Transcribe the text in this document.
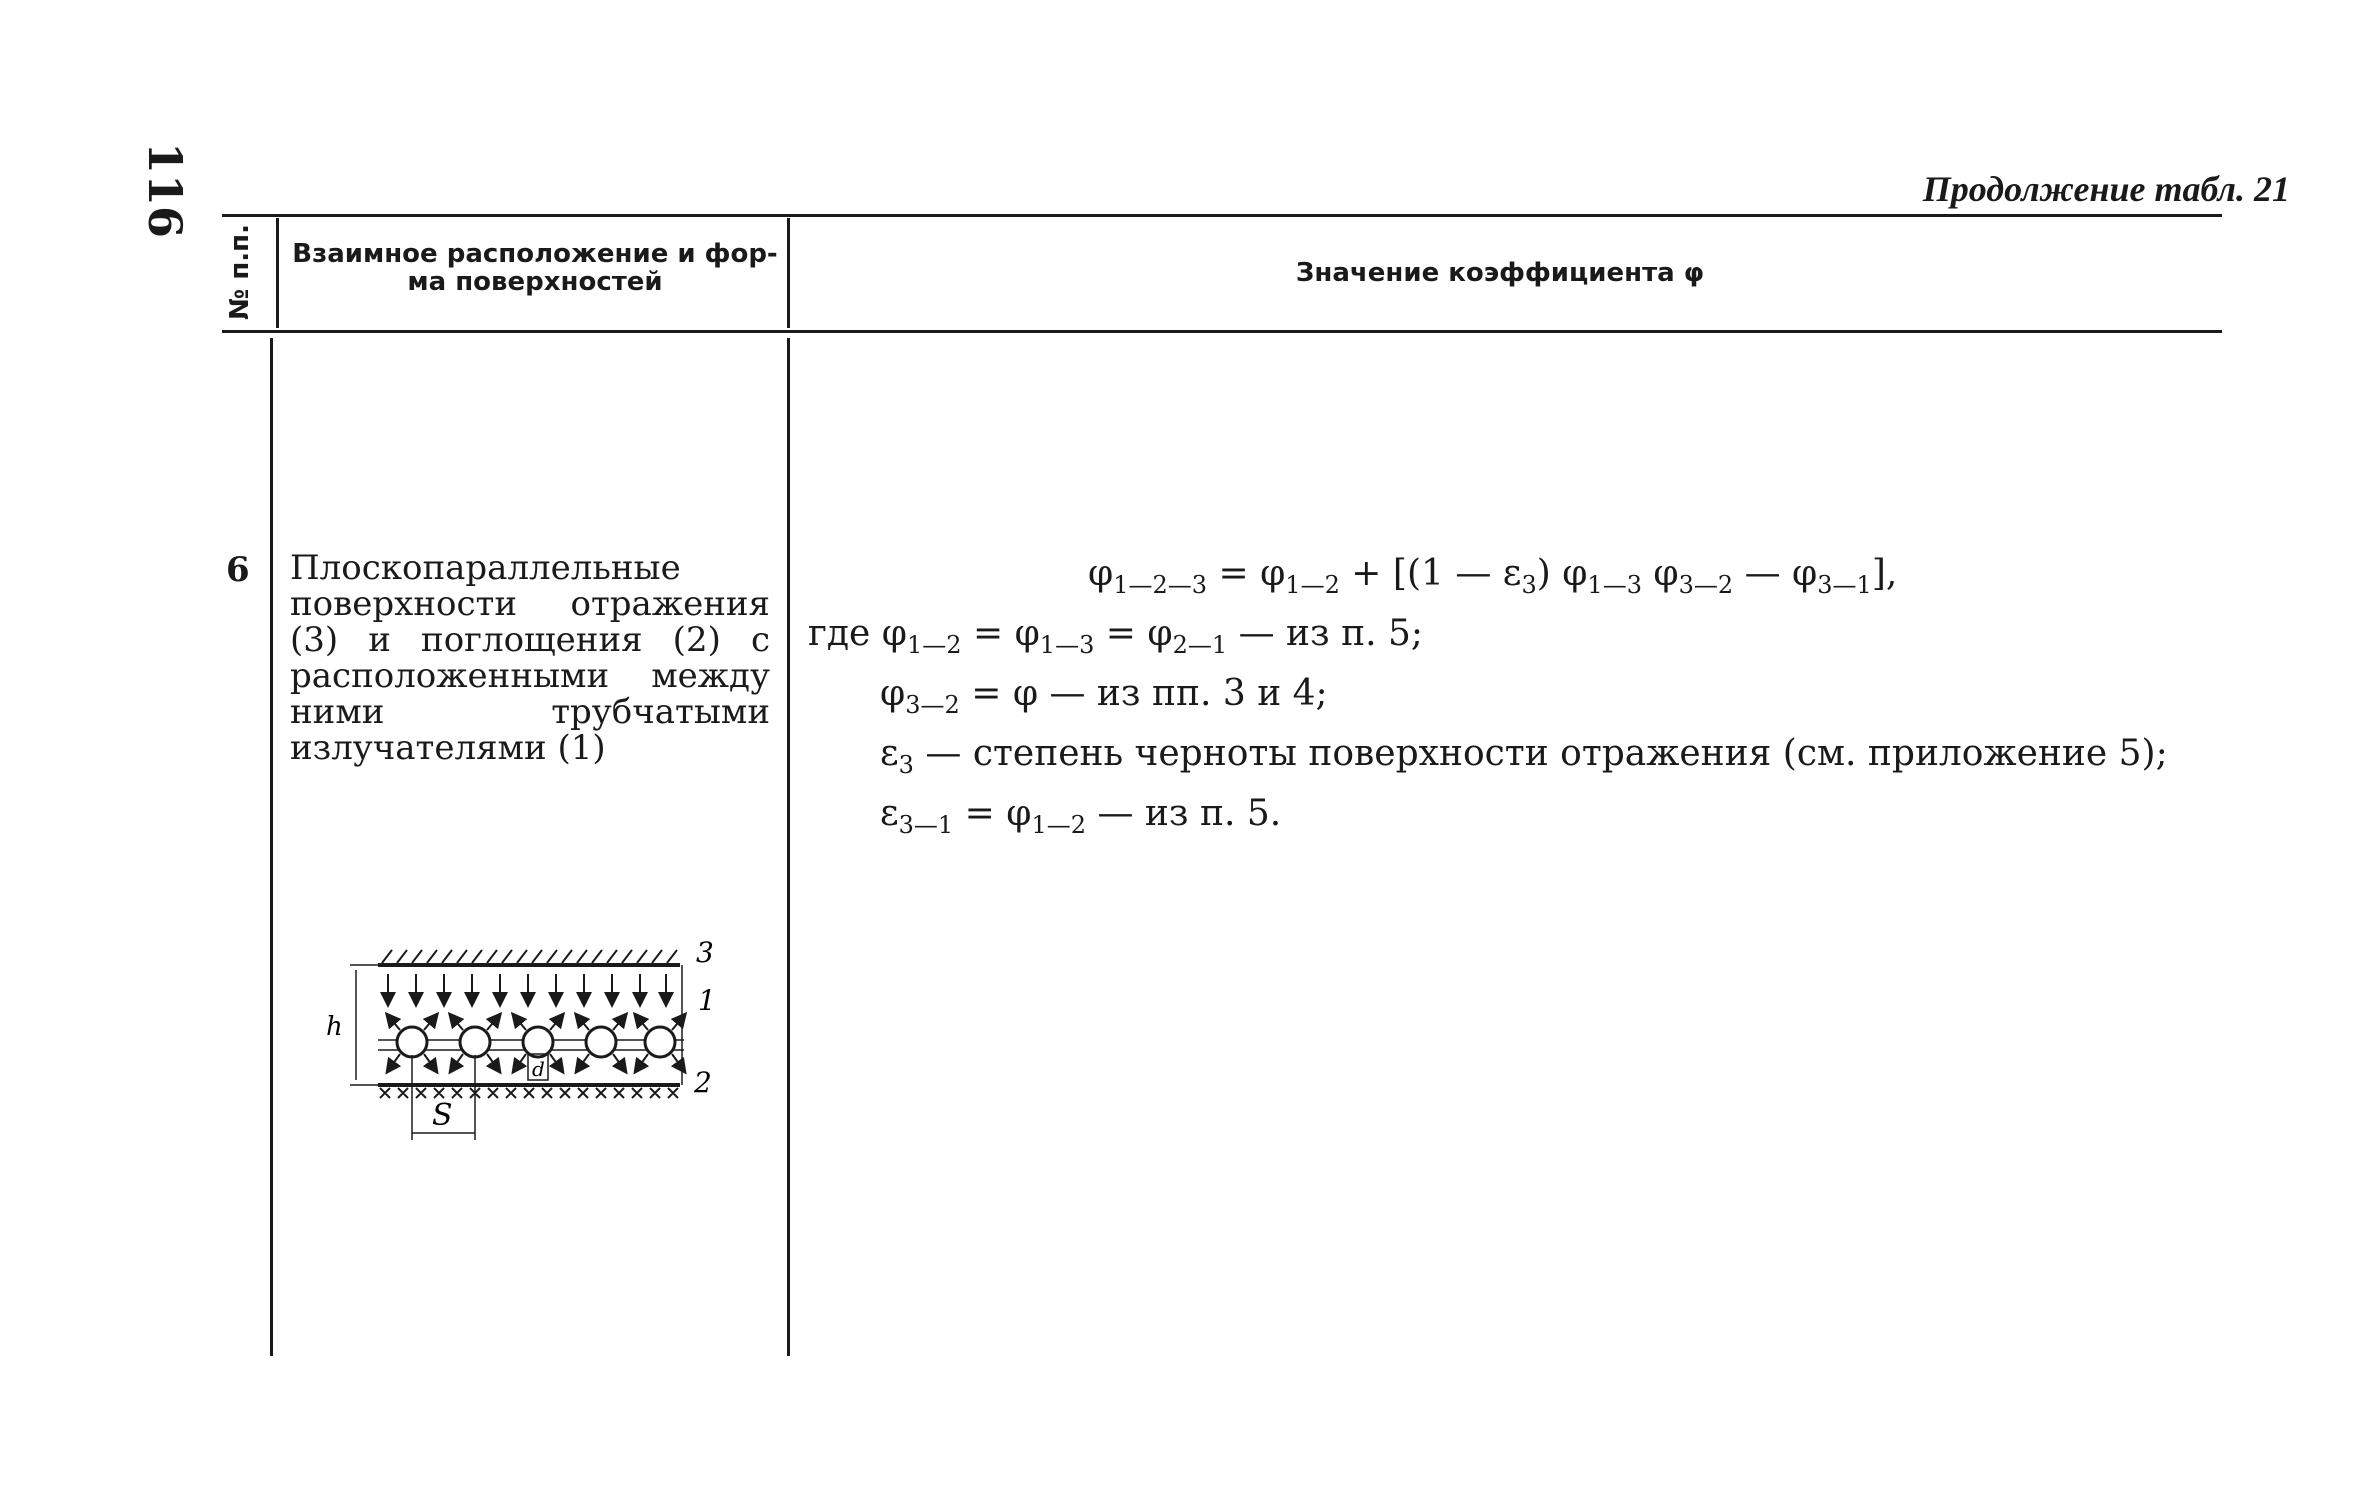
116	Продолжение табл. 21
№ п.п. Взаимное расположение и фор- ма поверхностей	Значение коэффициента φ
6 Плоскопараллельные поверхности отражения (3) и поглощения (2) с расположенными между ними трубчатыми излучателями (1)
d
h
S
3
1
2
$\varphi_{1—2—3} = \varphi_{1—2} + [(1$ — $\varepsilon_3$) $\varphi_{1—3}$ $\varphi_{3—2}$ — $\varphi_{3—1}$],
где $\varphi_{1—2} = \varphi_{1—3} = \varphi_{2—1}$ — из п. 5;
$\varphi_{3—2} = \varphi$ — из пп. 3 и 4;
$\varepsilon_3$ — степень черноты поверхности отражения (см. приложение 5);
$\varepsilon_{3—1} = \varphi_{1—2}$ — из п. 5.
